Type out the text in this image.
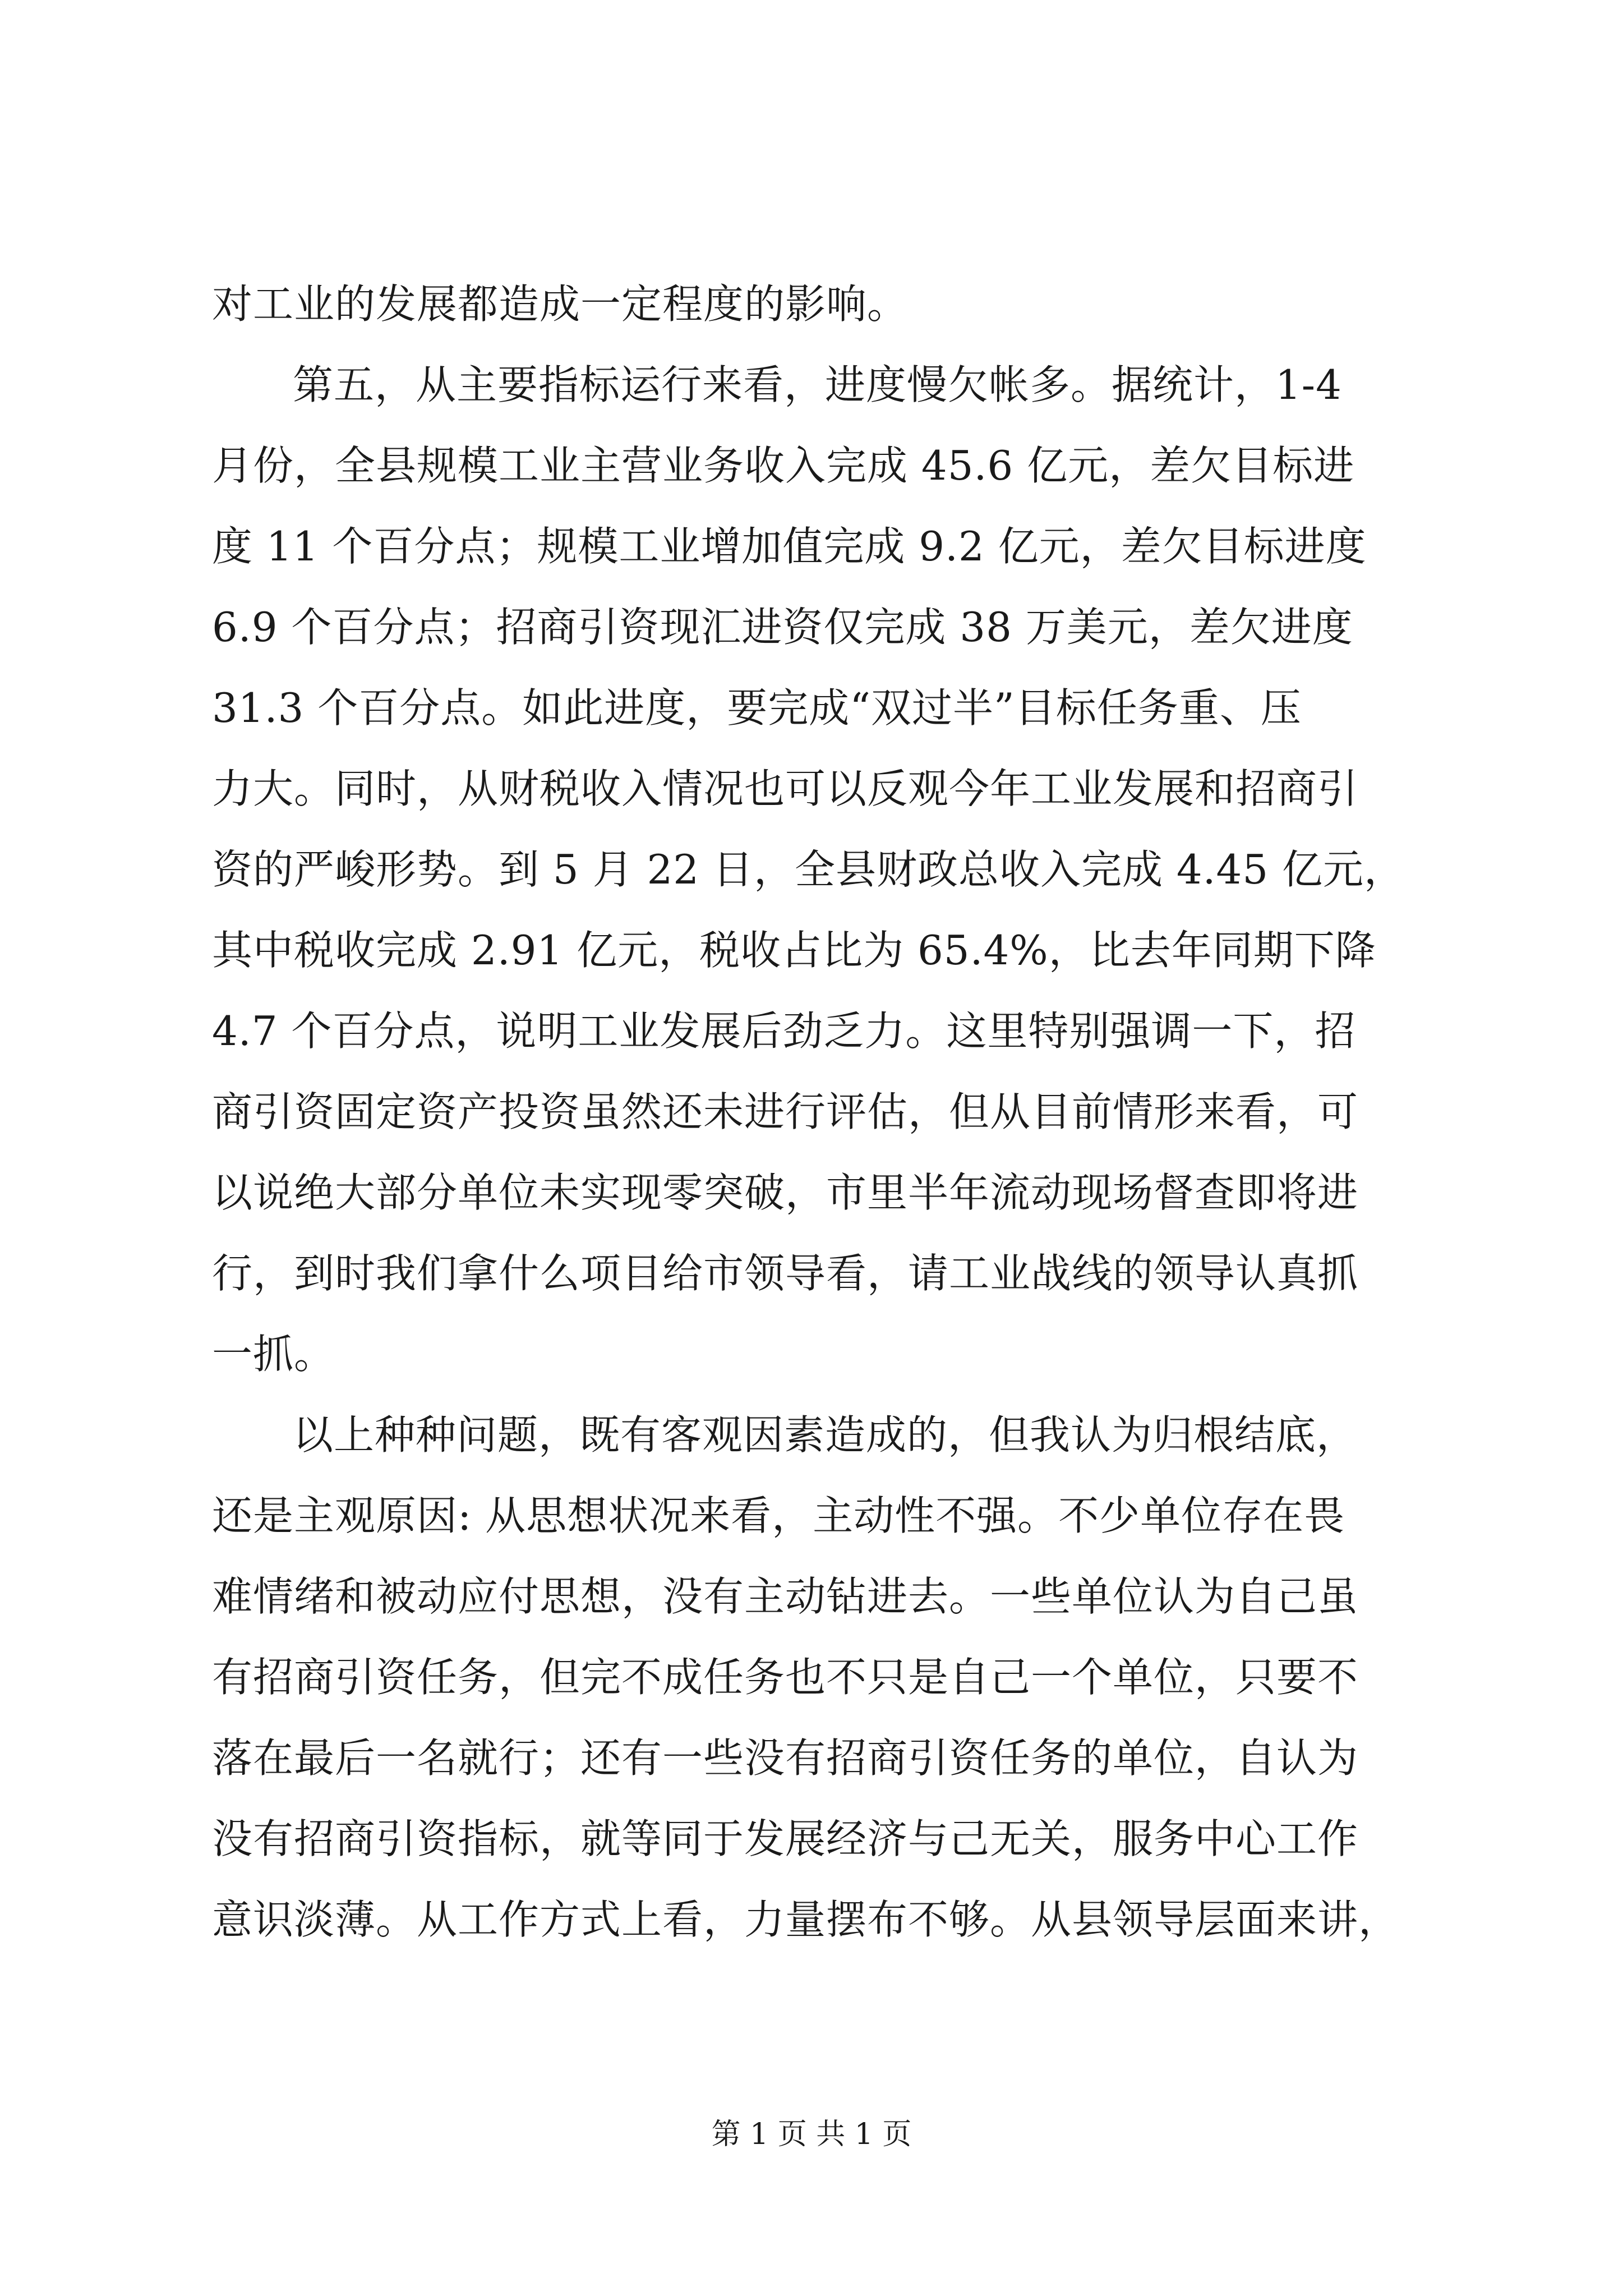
对工业的发展都造成一定程度的影响。
第五，从主要指标运行来看，进度慢欠帐多。据统计，1-4
月份，全县规模工业主营业务收入完成 45.6 亿元，差欠目标进
度 11 个百分点；规模工业增加值完成 9.2 亿元，差欠目标进度
6.9 个百分点；招商引资现汇进资仅完成 38 万美元，差欠进度
31.3 个百分点。如此进度，要完成“双过半”目标任务重、压
力大。同时，从财税收入情况也可以反观今年工业发展和招商引
资的严峻形势。到 5 月 22 日，全县财政总收入完成 4.45 亿元，
其中税收完成 2.91 亿元，税收占比为 65.4%，比去年同期下降
4.7 个百分点，说明工业发展后劲乏力。这里特别强调一下，招
商引资固定资产投资虽然还未进行评估，但从目前情形来看，可
以说绝大部分单位未实现零突破，市里半年流动现场督查即将进
行，到时我们拿什么项目给市领导看，请工业战线的领导认真抓
一抓。
以上种种问题，既有客观因素造成的，但我认为归根结底，
还是主观原因: 从思想状况来看，主动性不强。不少单位存在畏
难情绪和被动应付思想，没有主动钻进去。一些单位认为自己虽
有招商引资任务，但完不成任务也不只是自己一个单位，只要不
落在最后一名就行；还有一些没有招商引资任务的单位，自认为
没有招商引资指标，就等同于发展经济与己无关，服务中心工作
意识淡薄。从工作方式上看，力量摆布不够。从县领导层面来讲，
第 1 页 共 1 页
